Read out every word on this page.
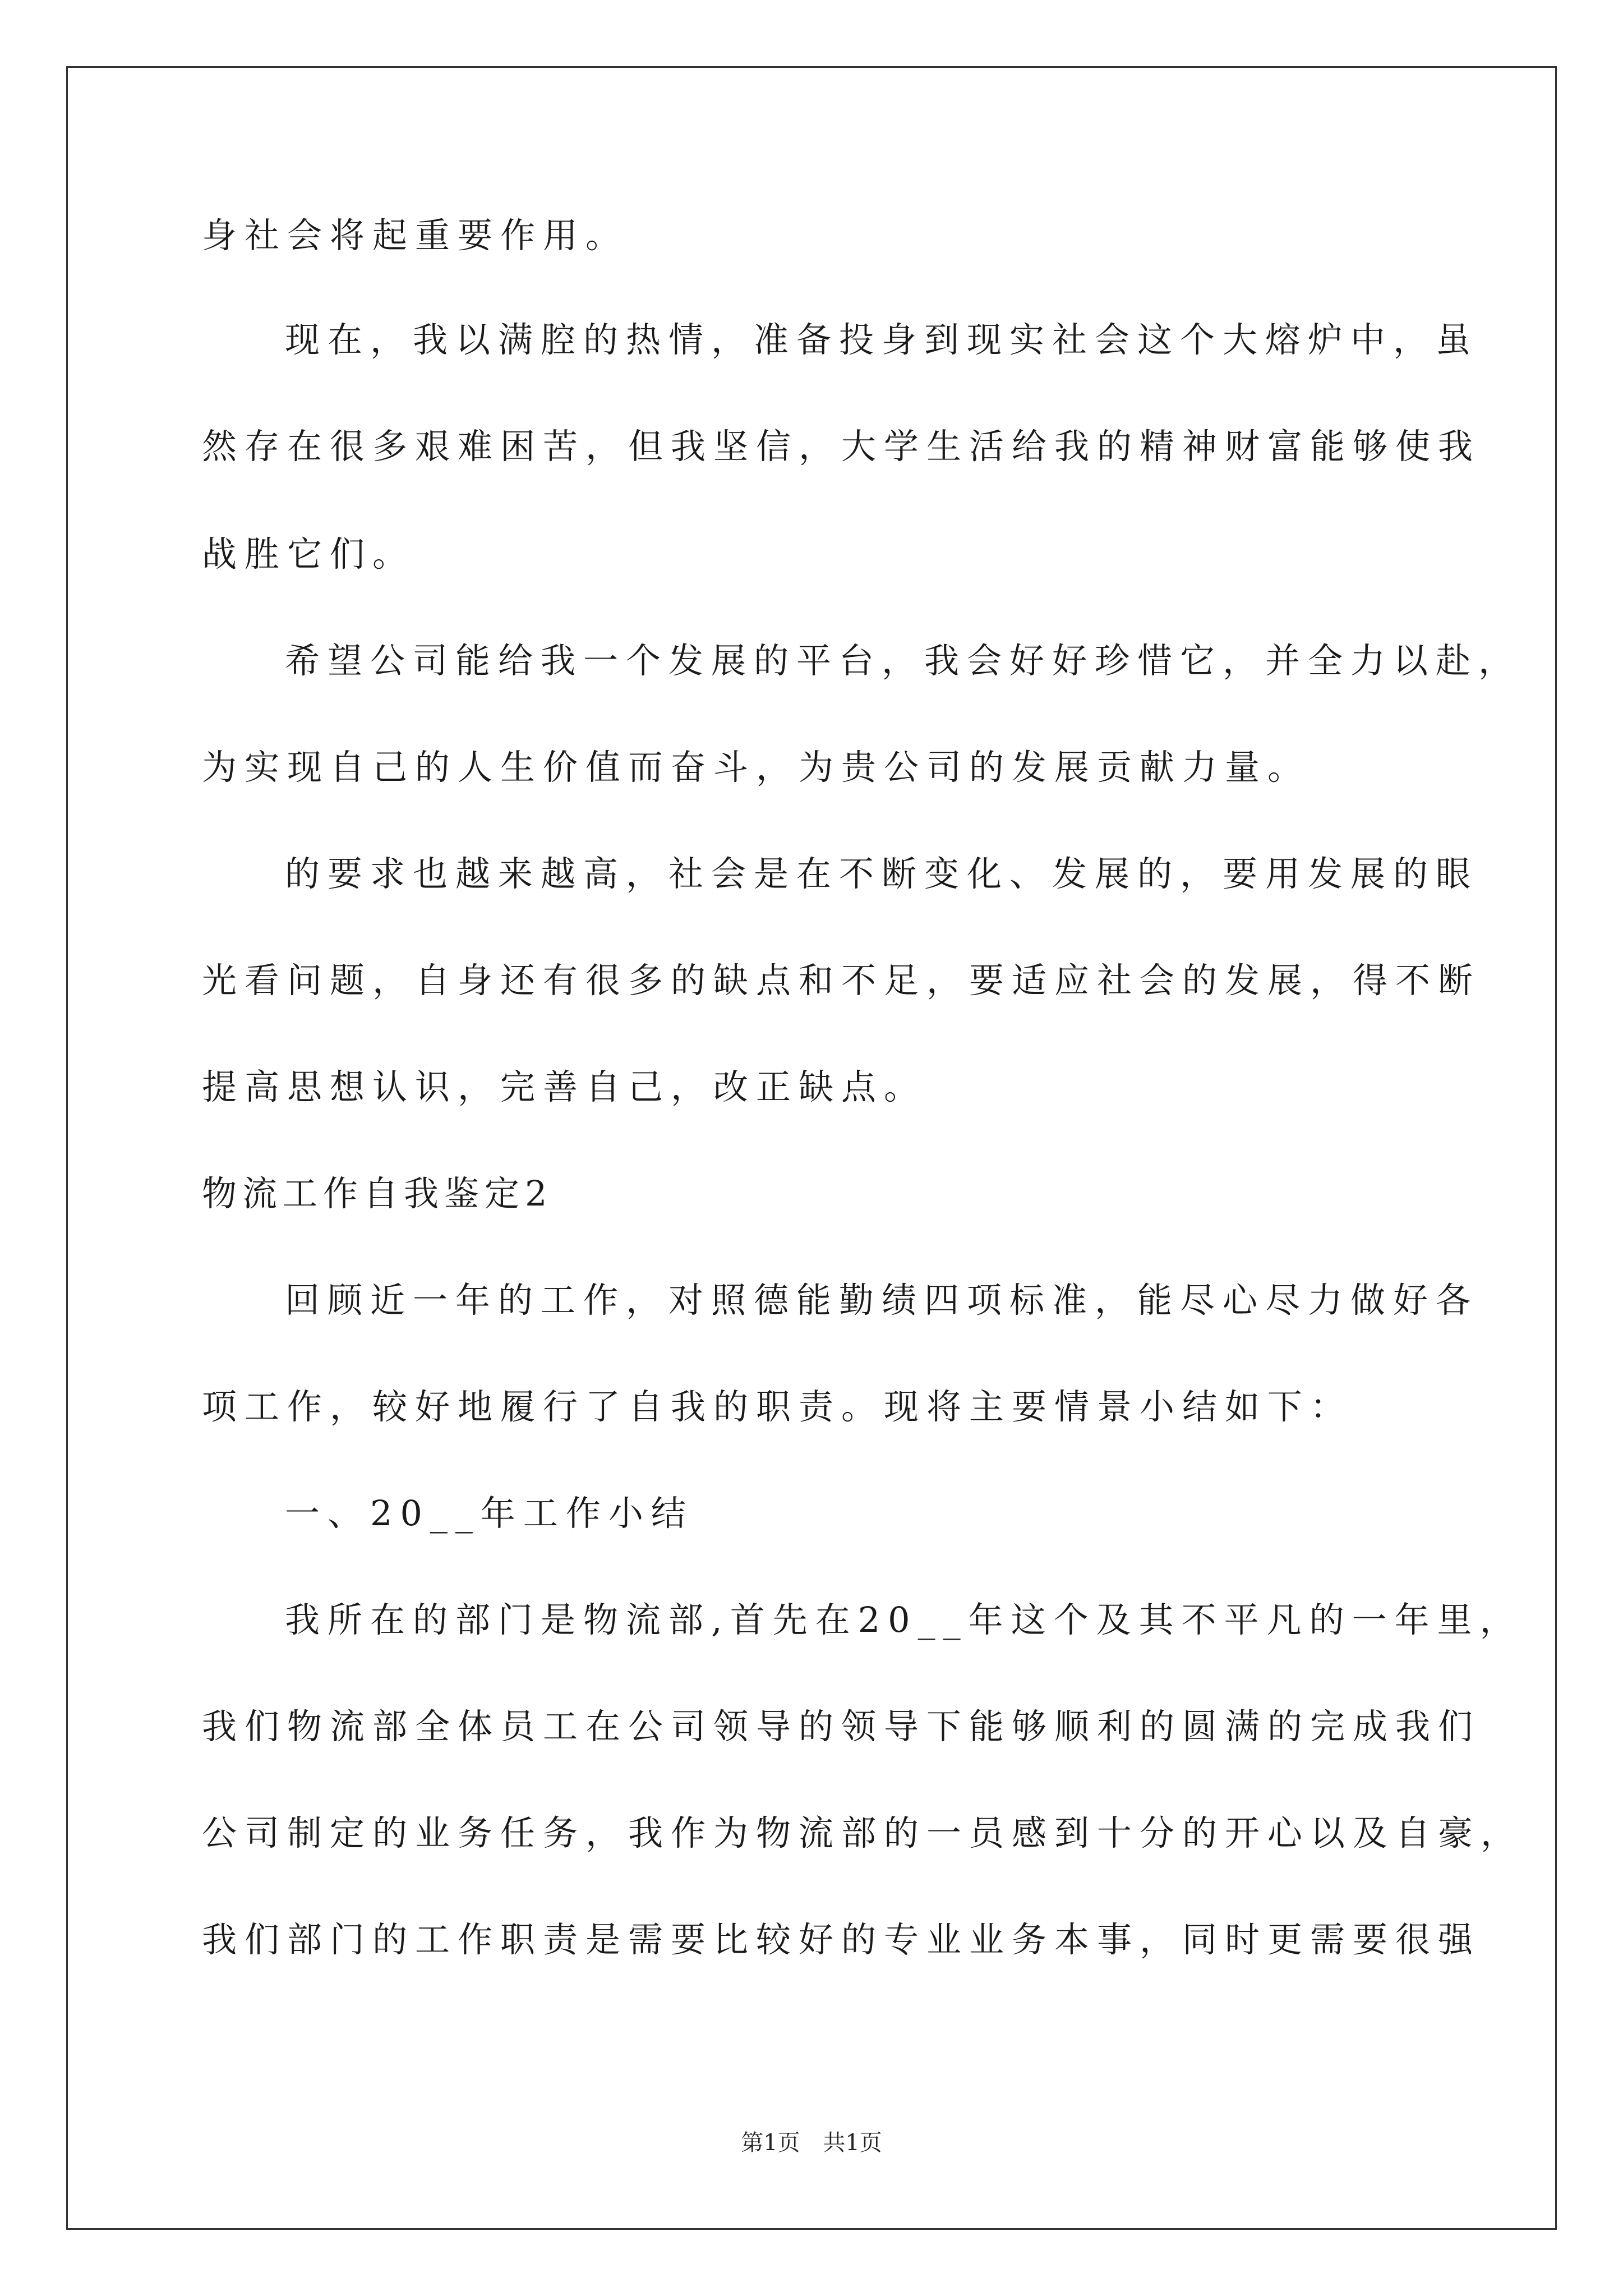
身社会将起重要作用。

现在，我以满腔的热情，准备投身到现实社会这个大熔炉中，虽

然存在很多艰难困苦，但我坚信，大学生活给我的精神财富能够使我

战胜它们。

希望公司能给我一个发展的平台，我会好好珍惜它，并全力以赴，

为实现自己的人生价值而奋斗，为贵公司的发展贡献力量。

的要求也越来越高，社会是在不断变化、发展的，要用发展的眼

光看问题，自身还有很多的缺点和不足，要适应社会的发展，得不断

提高思想认识，完善自己，改正缺点。

物流工作自我鉴定2

回顾近一年的工作，对照德能勤绩四项标准，能尽心尽力做好各

项工作，较好地履行了自我的职责。现将主要情景小结如下：

一、20__年工作小结

我所在的部门是物流部,首先在20__年这个及其不平凡的一年里，

我们物流部全体员工在公司领导的领导下能够顺利的圆满的完成我们

公司制定的业务任务，我作为物流部的一员感到十分的开心以及自豪，

我们部门的工作职责是需要比较好的专业业务本事，同时更需要很强

第1页 共1页
